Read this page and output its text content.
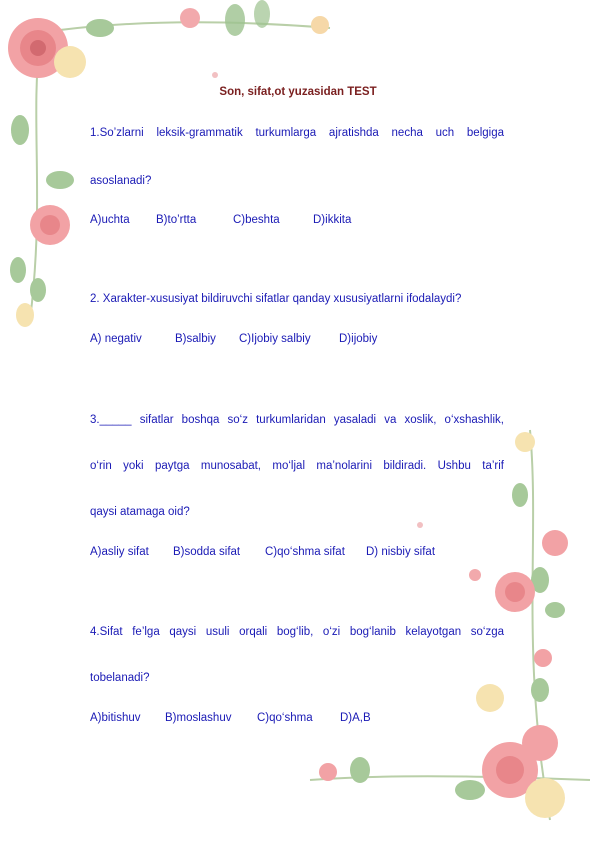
Son, sifat,ot yuzasidan TEST
1.So’zlarni leksik-grammatik turkumlarga ajratishda necha uch belgiga
asoslanadi?
A)uchta	B)to’rtta	C)beshta	D)ikkita
2. Xarakter-xususiyat bildiruvchi sifatlar qanday xususiyatlarni ifodalaydi?
A) negativ	B)salbiy	C)Ijobiy salbiy	D)ijobiy
3._____ sifatlar boshqa so‘z turkumlaridan yasaladi va xoslik, o‘xshashlik,
o‘rin yoki paytga munosabat, mo‘ljal ma’nolarini bildiradi. Ushbu ta’rif
qaysi atamaga oid?
A)asliy sifat	B)sodda sifat	C)qo‘shma sifat	D) nisbiy sifat
4.Sifat fe’lga qaysi usuli orqali bog‘lib, o‘zi bog‘lanib kelayotgan so‘zga
tobelanadi?
A)bitishuv	B)moslashuv	C)qo‘shma	D)A,B
